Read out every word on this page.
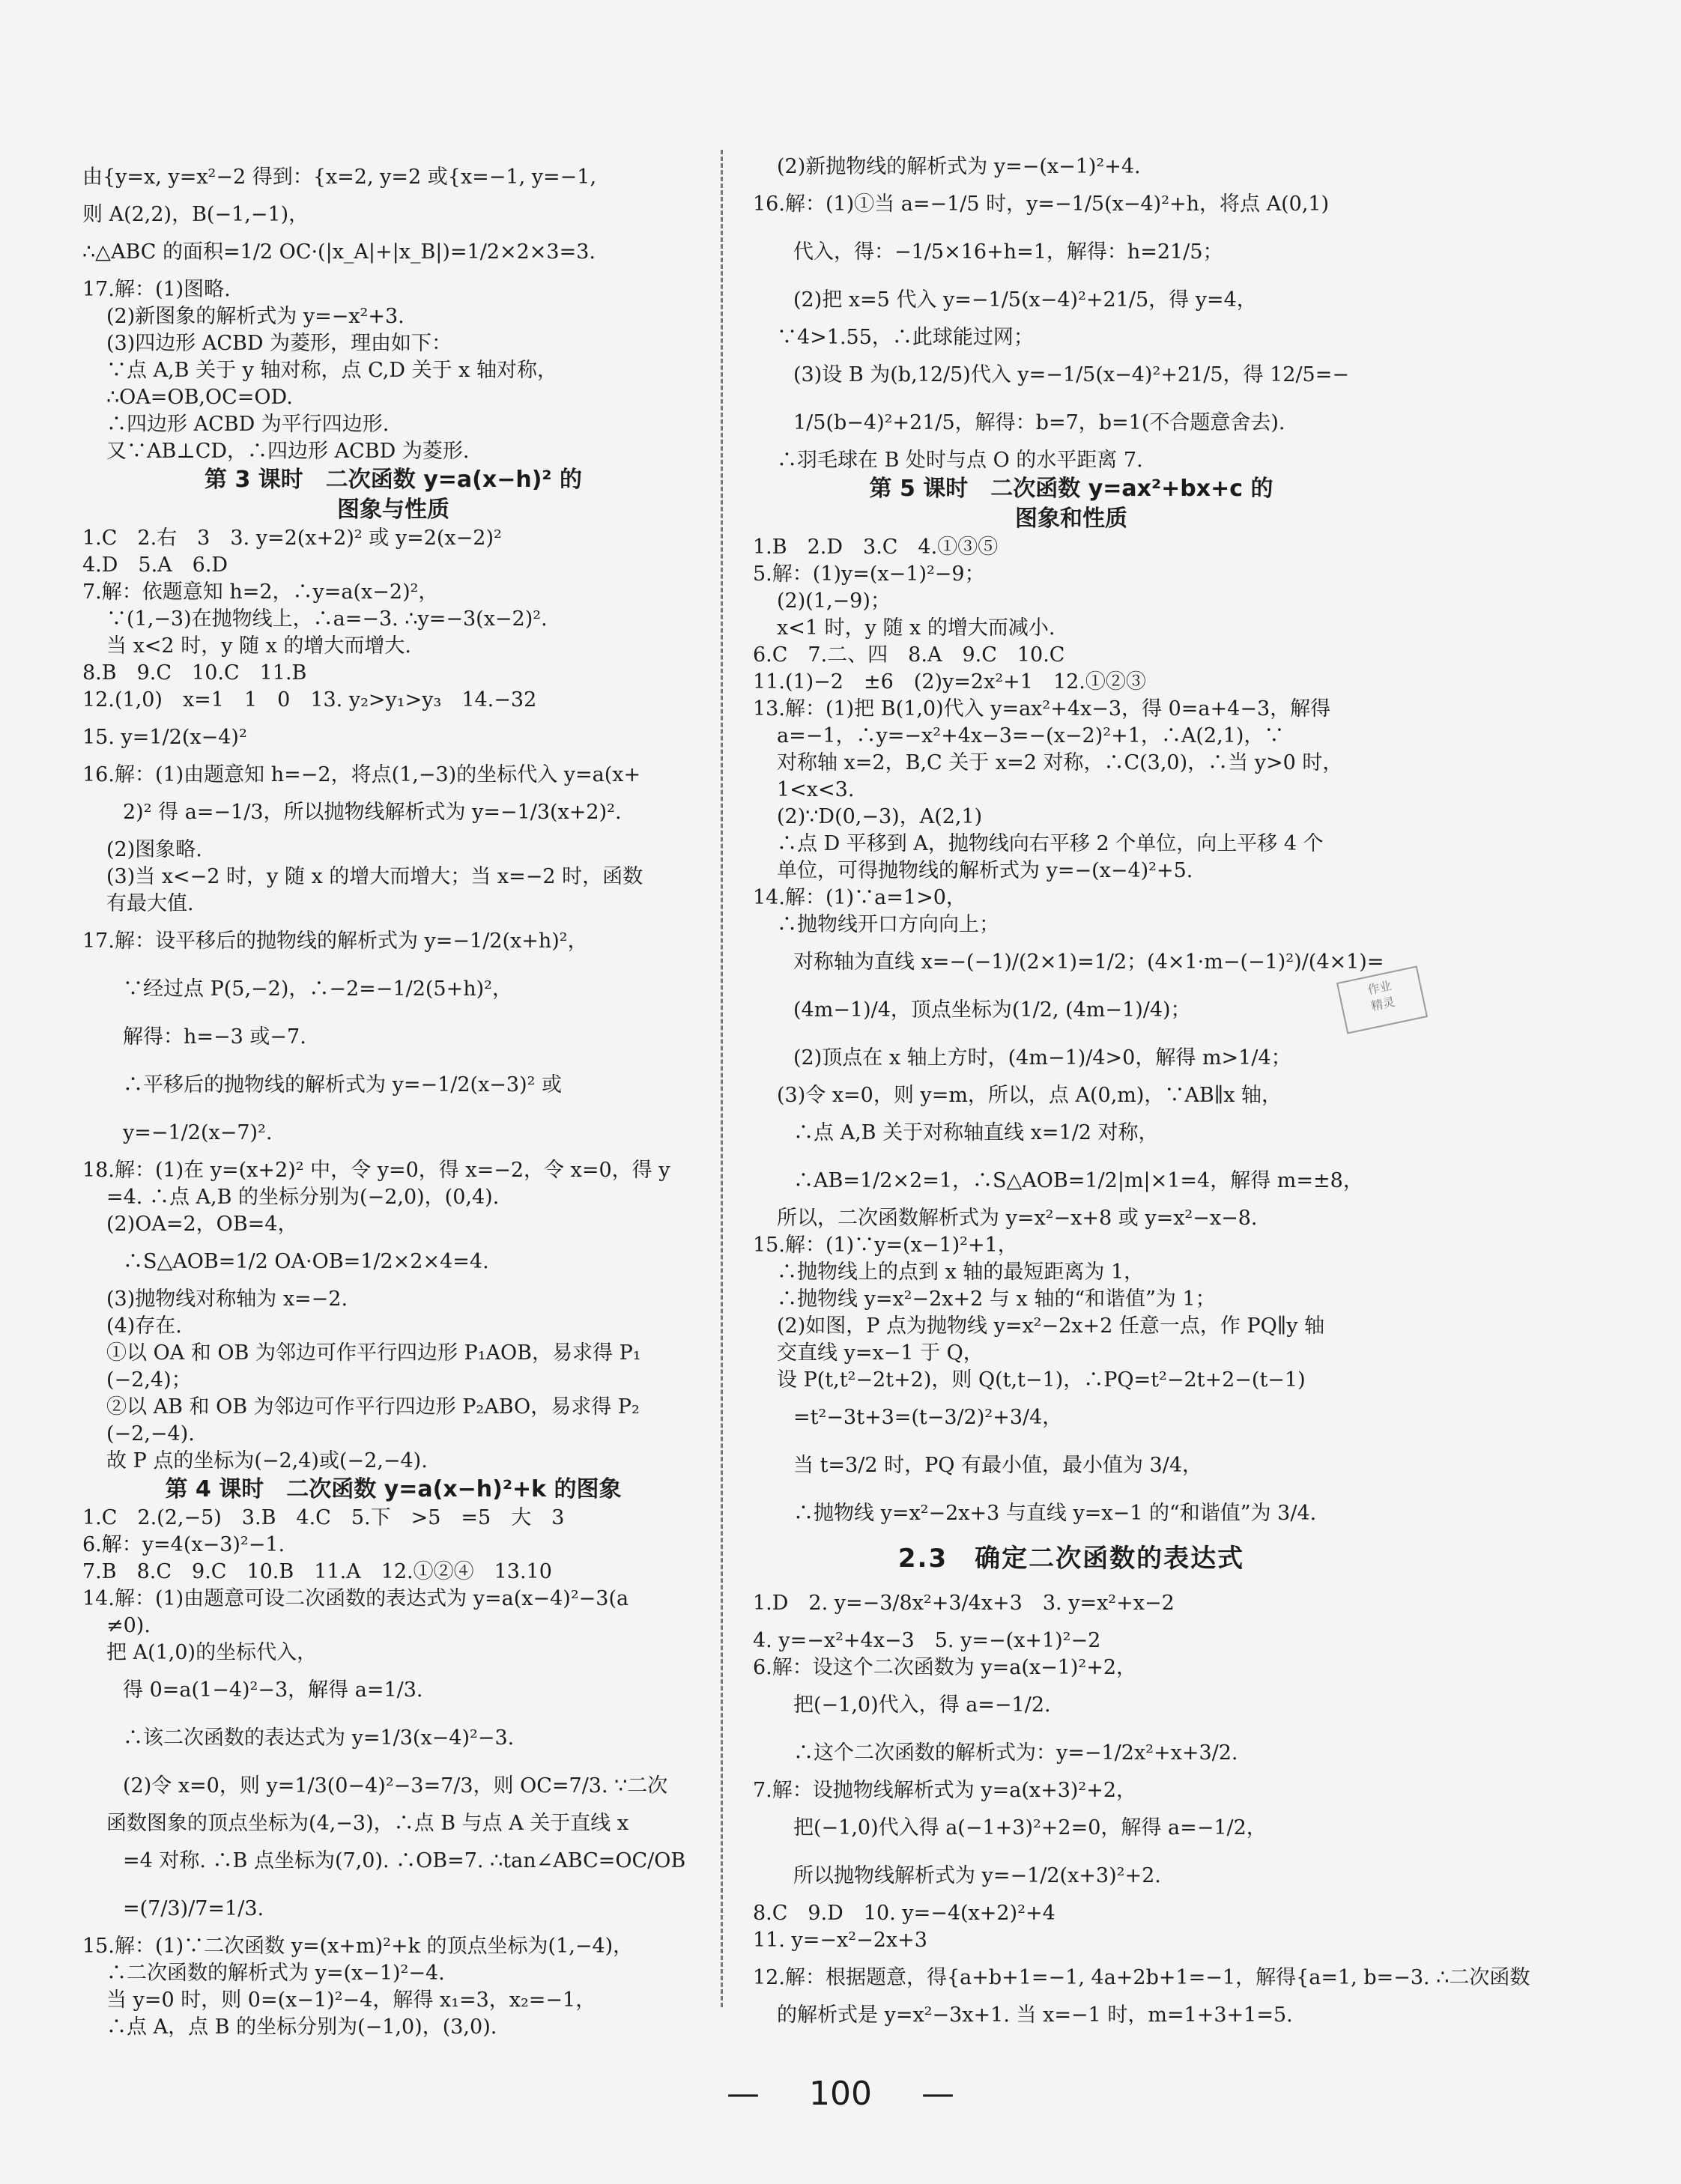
由{y=x, y=x²−2 得到：{x=2, y=2 或{x=−1, y=−1,
则 A(2,2)，B(−1,−1)，
∴△ABC 的面积=1/2 OC·(|x_A|+|x_B|)=1/2×2×3=3.
17.解：(1)图略.
(2)新图象的解析式为 y=−x²+3.
(3)四边形 ACBD 为菱形，理由如下：
∵点 A,B 关于 y 轴对称，点 C,D 关于 x 轴对称，
∴OA=OB,OC=OD.
∴四边形 ACBD 为平行四边形.
又∵AB⊥CD，∴四边形 ACBD 为菱形.
第 3 课时　二次函数 y=a(x−h)² 的
图象与性质
1.C　2.右　3　3. y=2(x+2)² 或 y=2(x−2)²
4.D　5.A　6.D
7.解：依题意知 h=2，∴y=a(x−2)²，
∵(1,−3)在抛物线上，∴a=−3. ∴y=−3(x−2)².
当 x<2 时，y 随 x 的增大而增大.
8.B　9.C　10.C　11.B
12.(1,0)　x=1　1　0　13. y₂>y₁>y₃　14.−32
15. y=1/2(x−4)²
16.解：(1)由题意知 h=−2，将点(1,−3)的坐标代入 y=a(x+
　　2)² 得 a=−1/3，所以抛物线解析式为 y=−1/3(x+2)².
(2)图象略.
(3)当 x<−2 时，y 随 x 的增大而增大；当 x=−2 时，函数
有最大值.
17.解：设平移后的抛物线的解析式为 y=−1/2(x+h)²，
　　∵经过点 P(5,−2)，∴−2=−1/2(5+h)²，
　　解得：h=−3 或−7.
　　∴平移后的抛物线的解析式为 y=−1/2(x−3)² 或
　　y=−1/2(x−7)².
18.解：(1)在 y=(x+2)² 中，令 y=0，得 x=−2，令 x=0，得 y
=4. ∴点 A,B 的坐标分别为(−2,0)，(0,4).
(2)OA=2，OB=4，
　　∴S△AOB=1/2 OA·OB=1/2×2×4=4.
(3)抛物线对称轴为 x=−2.
(4)存在.
①以 OA 和 OB 为邻边可作平行四边形 P₁AOB，易求得 P₁
(−2,4)；
②以 AB 和 OB 为邻边可作平行四边形 P₂ABO，易求得 P₂
(−2,−4).
故 P 点的坐标为(−2,4)或(−2,−4).
第 4 课时　二次函数 y=a(x−h)²+k 的图象
1.C　2.(2,−5)　3.B　4.C　5.下　>5　=5　大　3
6.解：y=4(x−3)²−1.
7.B　8.C　9.C　10.B　11.A　12.①②④　13.10
14.解：(1)由题意可设二次函数的表达式为 y=a(x−4)²−3(a
≠0).
把 A(1,0)的坐标代入，
　　得 0=a(1−4)²−3，解得 a=1/3.
　　∴该二次函数的表达式为 y=1/3(x−4)²−3.
　　(2)令 x=0，则 y=1/3(0−4)²−3=7/3，则 OC=7/3. ∵二次
函数图象的顶点坐标为(4,−3)，∴点 B 与点 A 关于直线 x
　　=4 对称. ∴B 点坐标为(7,0). ∴OB=7. ∴tan∠ABC=OC/OB
　　=(7/3)/7=1/3.
15.解：(1)∵二次函数 y=(x+m)²+k 的顶点坐标为(1,−4)，
∴二次函数的解析式为 y=(x−1)²−4.
当 y=0 时，则 0=(x−1)²−4，解得 x₁=3，x₂=−1，
∴点 A，点 B 的坐标分别为(−1,0)，(3,0).
(2)新抛物线的解析式为 y=−(x−1)²+4.
16.解：(1)①当 a=−1/5 时，y=−1/5(x−4)²+h，将点 A(0,1)
　　代入，得：−1/5×16+h=1，解得：h=21/5；
　　(2)把 x=5 代入 y=−1/5(x−4)²+21/5，得 y=4，
∵4>1.55，∴此球能过网；
　　(3)设 B 为(b,12/5)代入 y=−1/5(x−4)²+21/5，得 12/5=−
　　1/5(b−4)²+21/5，解得：b=7，b=1(不合题意舍去).
∴羽毛球在 B 处时与点 O 的水平距离 7.
第 5 课时　二次函数 y=ax²+bx+c 的
图象和性质
1.B　2.D　3.C　4.①③⑤
5.解：(1)y=(x−1)²−9；
(2)(1,−9)；
x<1 时，y 随 x 的增大而减小.
6.C　7.二、四　8.A　9.C　10.C
11.(1)−2　±6　(2)y=2x²+1　12.①②③
13.解：(1)把 B(1,0)代入 y=ax²+4x−3，得 0=a+4−3，解得
a=−1，∴y=−x²+4x−3=−(x−2)²+1，∴A(2,1)，∵
对称轴 x=2，B,C 关于 x=2 对称，∴C(3,0)，∴当 y>0 时，
1<x<3.
(2)∵D(0,−3)，A(2,1)
∴点 D 平移到 A，抛物线向右平移 2 个单位，向上平移 4 个
单位，可得抛物线的解析式为 y=−(x−4)²+5.
14.解：(1)∵a=1>0，
∴抛物线开口方向向上；
　　对称轴为直线 x=−(−1)/(2×1)=1/2；(4×1·m−(−1)²)/(4×1)=
　　(4m−1)/4，顶点坐标为(1/2, (4m−1)/4)；
　　(2)顶点在 x 轴上方时，(4m−1)/4>0，解得 m>1/4；
(3)令 x=0，则 y=m，所以，点 A(0,m)，∵AB∥x 轴，
　　∴点 A,B 关于对称轴直线 x=1/2 对称，
　　∴AB=1/2×2=1，∴S△AOB=1/2|m|×1=4，解得 m=±8，
所以，二次函数解析式为 y=x²−x+8 或 y=x²−x−8.
15.解：(1)∵y=(x−1)²+1，
∴抛物线上的点到 x 轴的最短距离为 1，
∴抛物线 y=x²−2x+2 与 x 轴的“和谐值”为 1；
(2)如图，P 点为抛物线 y=x²−2x+2 任意一点，作 PQ∥y 轴
交直线 y=x−1 于 Q，
设 P(t,t²−2t+2)，则 Q(t,t−1)，∴PQ=t²−2t+2−(t−1)
　　=t²−3t+3=(t−3/2)²+3/4，
　　当 t=3/2 时，PQ 有最小值，最小值为 3/4，
　　∴抛物线 y=x²−2x+3 与直线 y=x−1 的“和谐值”为 3/4.
2.3　确定二次函数的表达式
1.D　2. y=−3/8x²+3/4x+3　3. y=x²+x−2
4. y=−x²+4x−3　5. y=−(x+1)²−2
6.解：设这个二次函数为 y=a(x−1)²+2，
　　把(−1,0)代入，得 a=−1/2.
　　∴这个二次函数的解析式为：y=−1/2x²+x+3/2.
7.解：设抛物线解析式为 y=a(x+3)²+2，
　　把(−1,0)代入得 a(−1+3)²+2=0，解得 a=−1/2，
　　所以抛物线解析式为 y=−1/2(x+3)²+2.
8.C　9.D　10. y=−4(x+2)²+4
11. y=−x²−2x+3
12.解：根据题意，得{a+b+1=−1, 4a+2b+1=−1，解得{a=1, b=−3. ∴二次函数
的解析式是 y=x²−3x+1. 当 x=−1 时，m=1+3+1=5.
作业
精灵
— 100 —
